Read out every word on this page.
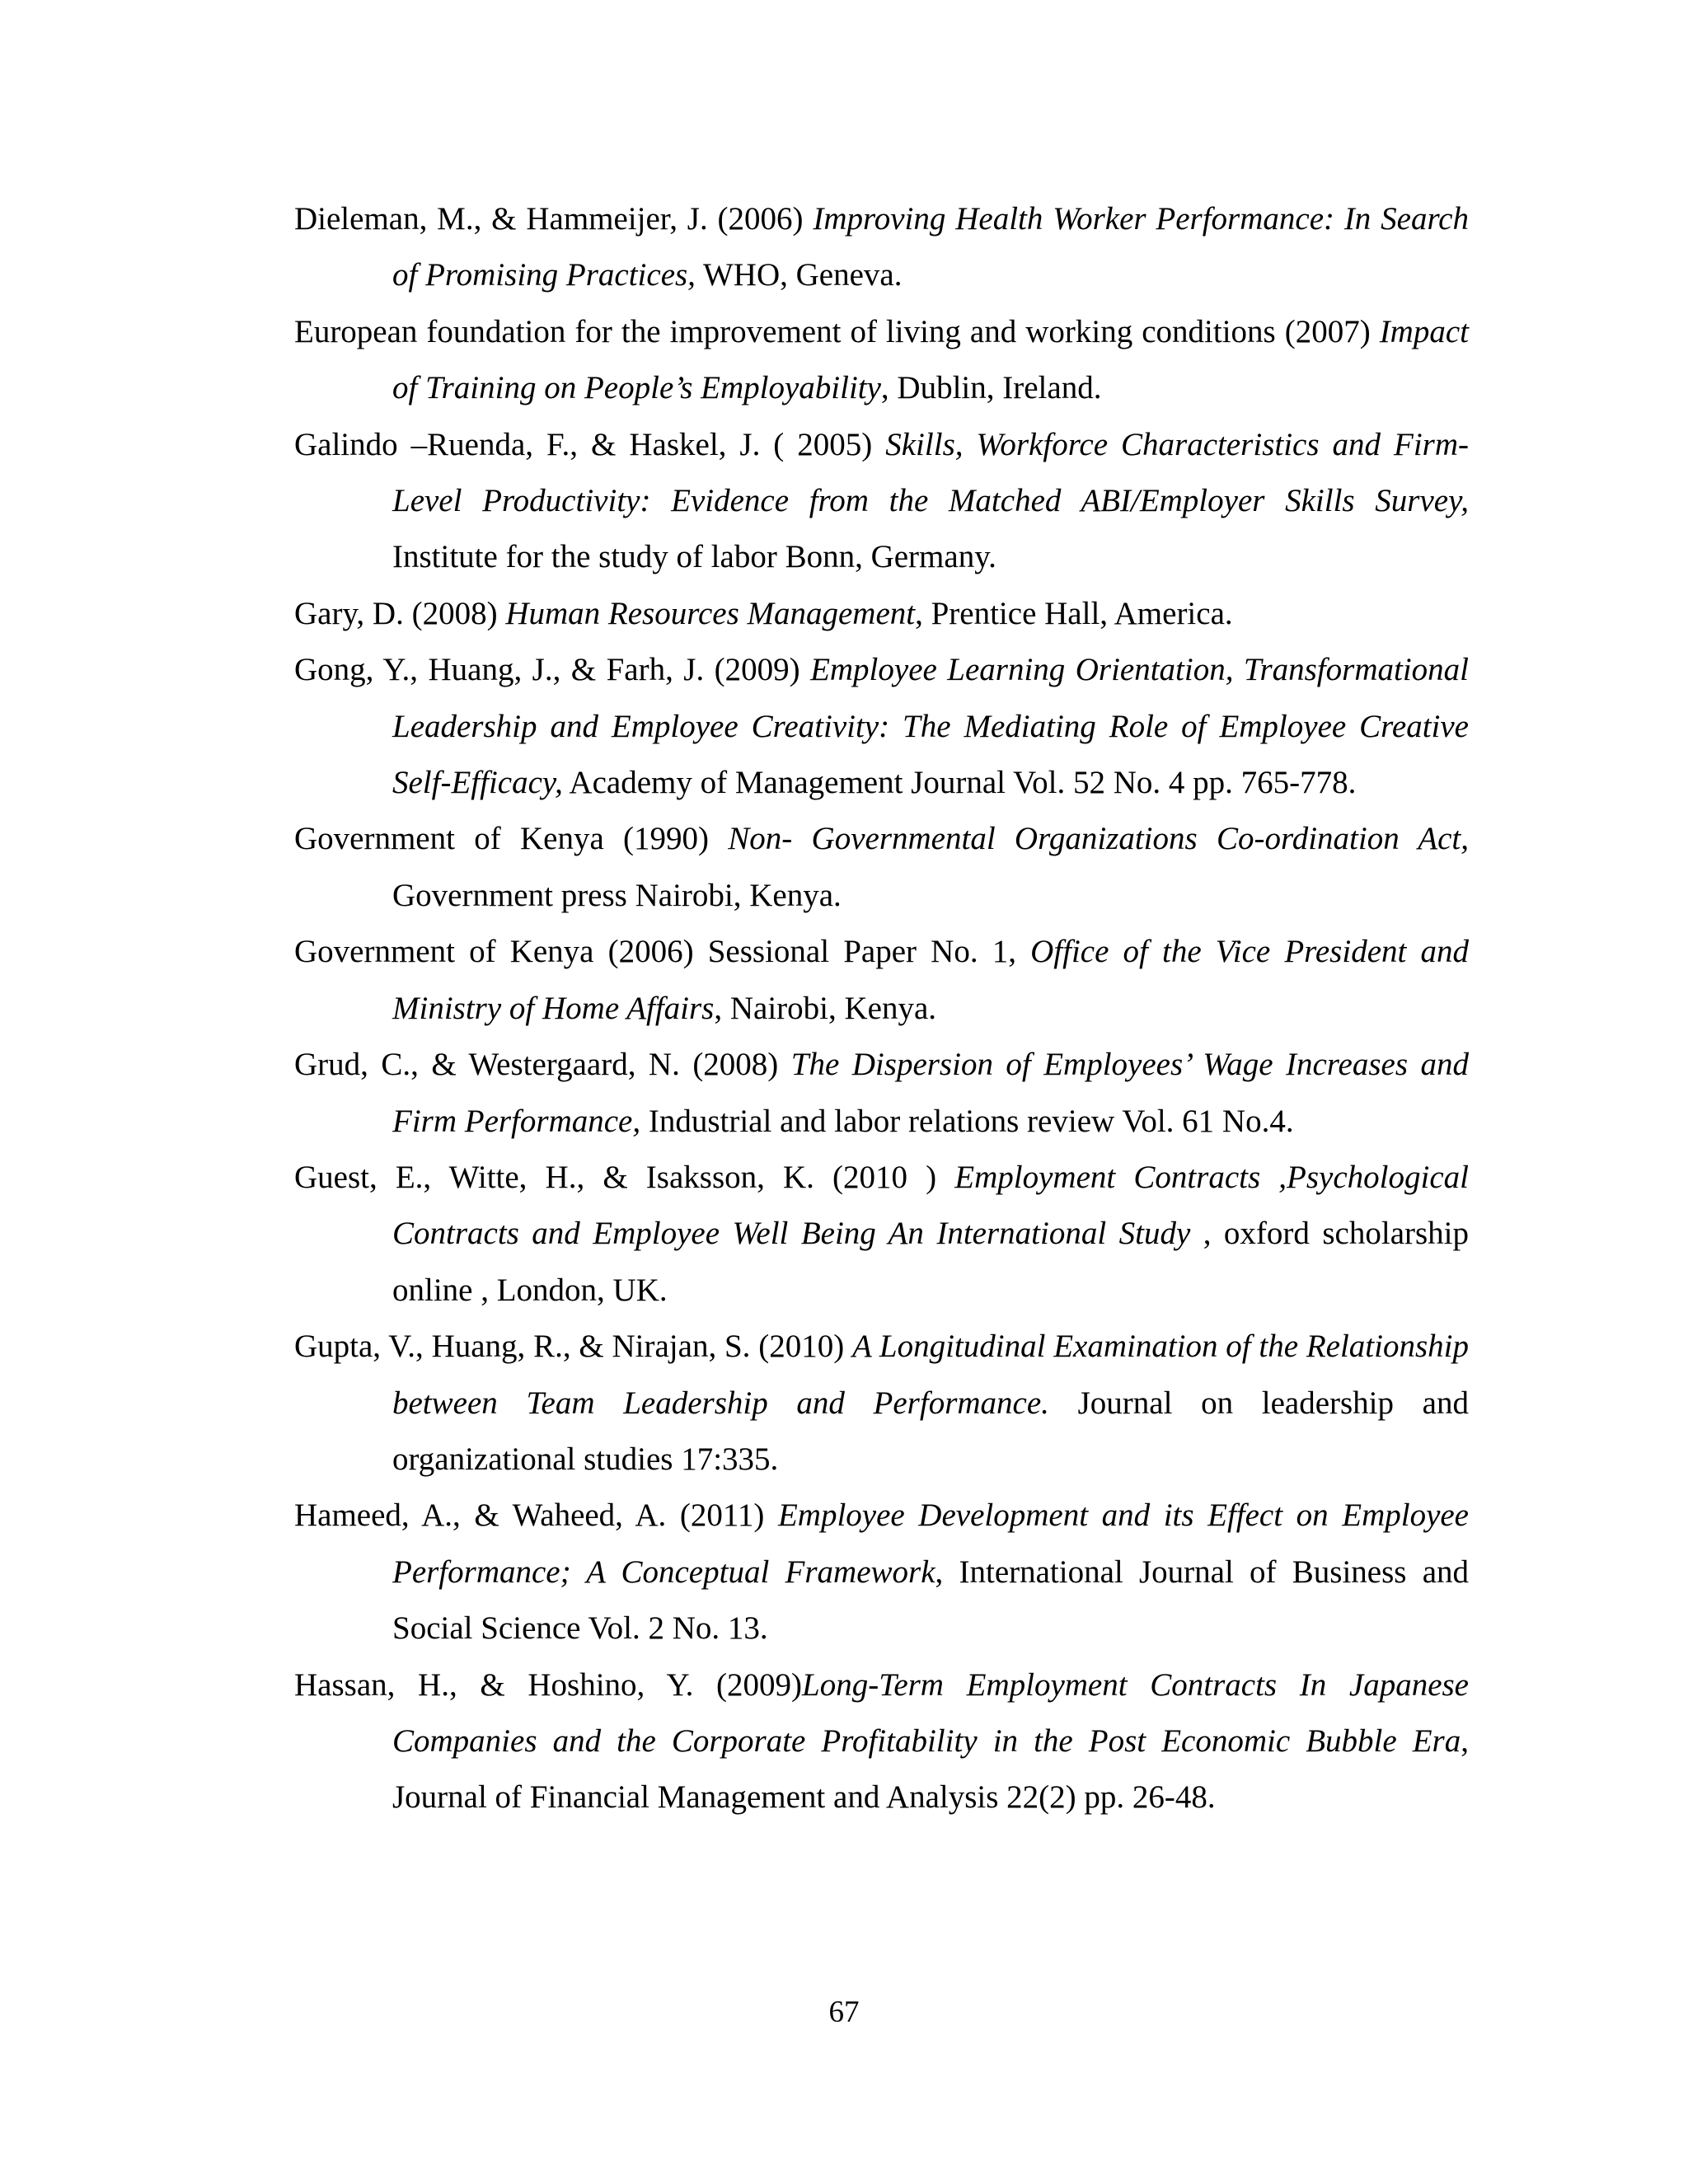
Dieleman, M., & Hammeijer, J. (2006) Improving Health Worker Performance: In Search of Promising Practices, WHO, Geneva.

European foundation for the improvement of living and working conditions (2007) Impact of Training on People’s Employability, Dublin, Ireland.

Galindo –Ruenda, F., & Haskel, J. ( 2005) Skills, Workforce Characteristics and Firm-Level Productivity: Evidence from the Matched ABI/Employer Skills Survey, Institute for the study of labor Bonn, Germany.

Gary, D. (2008) Human Resources Management, Prentice Hall, America.

Gong, Y., Huang, J., & Farh, J. (2009) Employee Learning Orientation, Transformational Leadership and Employee Creativity: The Mediating Role of Employee Creative Self-Efficacy, Academy of Management Journal Vol. 52 No. 4 pp. 765-778.

Government of Kenya (1990) Non- Governmental Organizations Co-ordination Act, Government press Nairobi, Kenya.

Government of Kenya (2006) Sessional Paper No. 1, Office of the Vice President and Ministry of Home Affairs, Nairobi, Kenya.

Grud, C., & Westergaard, N. (2008) The Dispersion of Employees’ Wage Increases and Firm Performance, Industrial and labor relations review Vol. 61 No.4.

Guest, E., Witte, H., & Isaksson, K. (2010 ) Employment Contracts ,Psychological Contracts and Employee Well Being An International Study , oxford scholarship online , London, UK.

Gupta, V., Huang, R., & Nirajan, S. (2010) A Longitudinal Examination of the Relationship between Team Leadership and Performance. Journal on leadership and organizational studies 17:335.

Hameed, A., & Waheed, A. (2011) Employee Development and its Effect on Employee Performance; A Conceptual Framework, International Journal of Business and Social Science Vol. 2 No. 13.

Hassan, H., & Hoshino, Y. (2009)Long-Term Employment Contracts In Japanese Companies and the Corporate Profitability in the Post Economic Bubble Era, Journal of Financial Management and Analysis 22(2) pp. 26-48.

67
